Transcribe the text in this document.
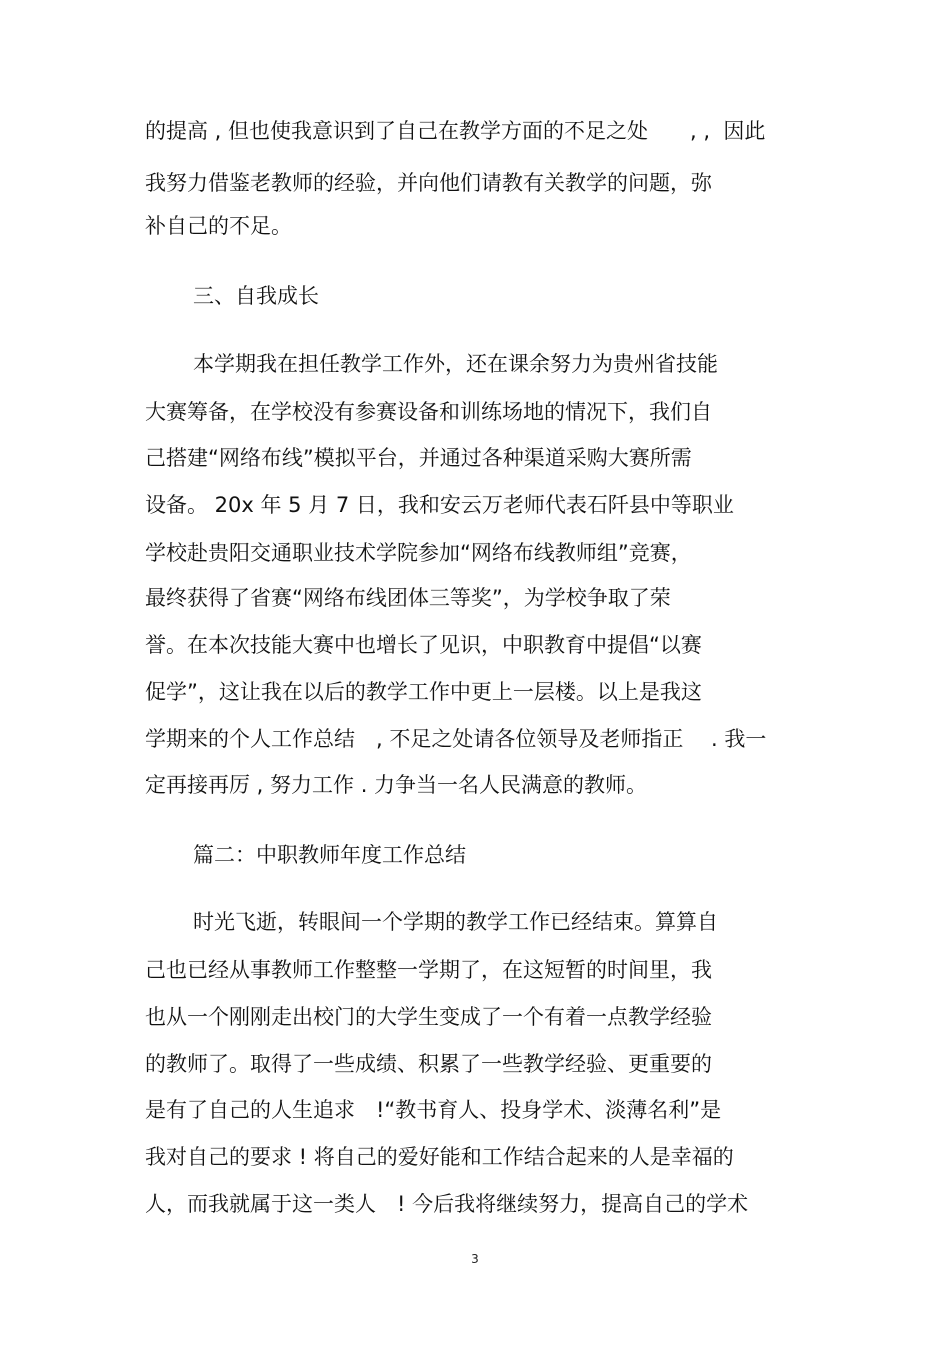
的提高 , 但也使我意识到了自己在教学方面的不足之处　　, ,  因此
我努力借鉴老教师的经验，并向他们请教有关教学的问题，弥
补自己的不足。
三、自我成长
本学期我在担任教学工作外，还在课余努力为贵州省技能
大赛筹备，在学校没有参赛设备和训练场地的情况下，我们自
己搭建“网络布线”模拟平台，并通过各种渠道采购大赛所需
设备。 20x 年 5 月 7 日，我和安云万老师代表石阡县中等职业
学校赴贵阳交通职业技术学院参加“网络布线教师组”竞赛，
最终获得了省赛“网络布线团体三等奖”，为学校争取了荣
誉。在本次技能大赛中也增长了见识，中职教育中提倡“以赛
促学”，这让我在以后的教学工作中更上一层楼。以上是我这
学期来的个人工作总结　, 不足之处请各位领导及老师指正　 . 我一
定再接再厉 , 努力工作 . 力争当一名人民满意的教师。
篇二：中职教师年度工作总结
时光飞逝，转眼间一个学期的教学工作已经结束。算算自
己也已经从事教师工作整整一学期了，在这短暂的时间里，我
也从一个刚刚走出校门的大学生变成了一个有着一点教学经验
的教师了。取得了一些成绩、积累了一些教学经验、更重要的
是有了自己的人生追求　!“教书育人、投身学术、淡薄名利”是
我对自己的要求 ! 将自己的爱好能和工作结合起来的人是幸福的
人，而我就属于这一类人　! 今后我将继续努力，提高自己的学术
3
